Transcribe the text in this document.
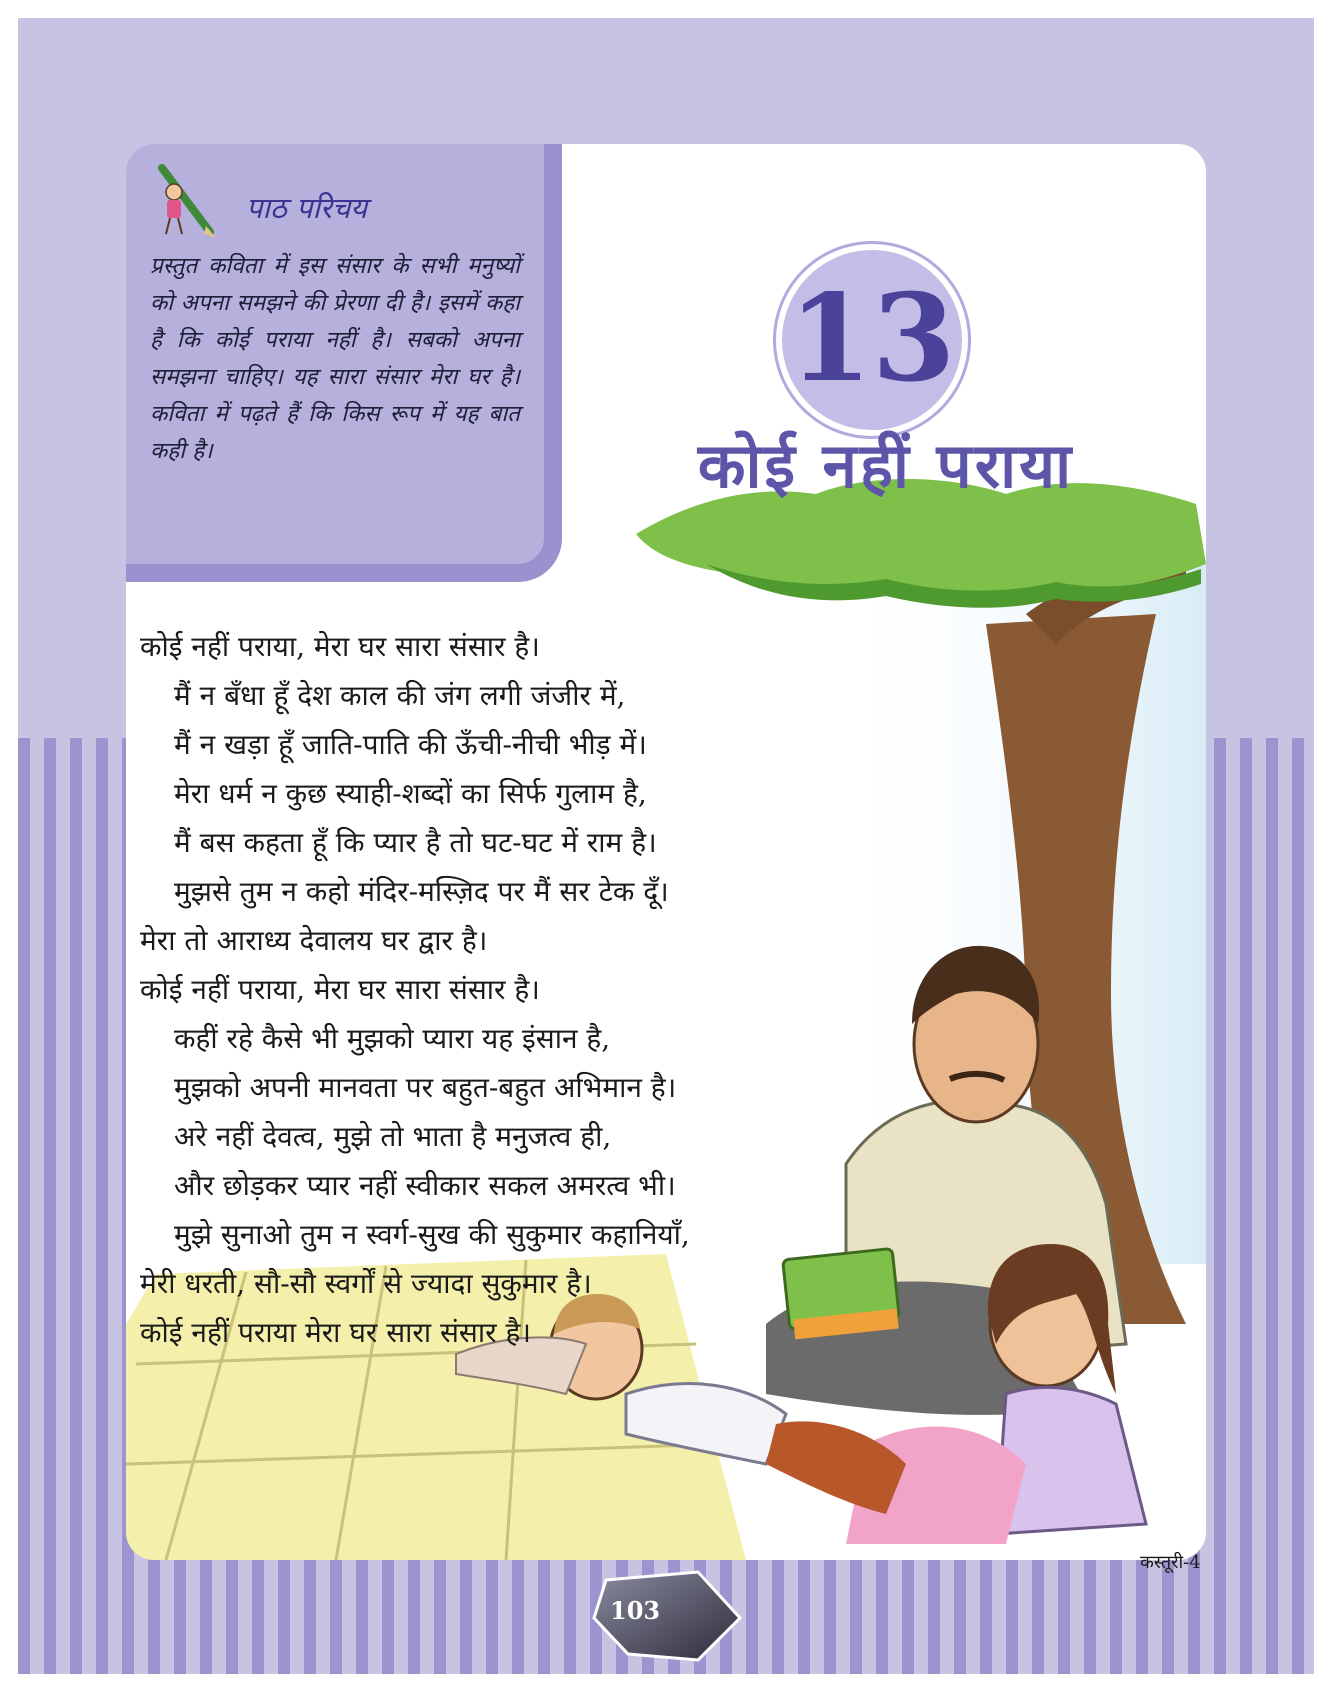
पाठ परिचय
प्रस्तुत कविता में इस संसार के सभी मनुष्यों को अपना समझने की प्रेरणा दी है। इसमें कहा है कि कोई पराया नहीं है। सबको अपना समझना चाहिए। यह सारा संसार मेरा घर है। कविता में पढ़ते हैं कि किस रूप में यह बात कही है।
13
कोई नहीं पराया
कोई नहीं पराया, मेरा घर सारा संसार है।
मैं न बँधा हूँ देश काल की जंग लगी जंजीर में,
मैं न खड़ा हूँ जाति-पाति की ऊँची-नीची भीड़ में।
मेरा धर्म न कुछ स्याही-शब्दों का सिर्फ गुलाम है,
मैं बस कहता हूँ कि प्यार है तो घट-घट में राम है।
मुझसे तुम न कहो मंदिर-मस्ज़िद पर मैं सर टेक दूँ।
मेरा तो आराध्य देवालय घर द्वार है।
कोई नहीं पराया, मेरा घर सारा संसार है।
कहीं रहे कैसे भी मुझको प्यारा यह इंसान है,
मुझको अपनी मानवता पर बहुत-बहुत अभिमान है।
अरे नहीं देवत्व, मुझे तो भाता है मनुजत्व ही,
और छोड़कर प्यार नहीं स्वीकार सकल अमरत्व भी।
मुझे सुनाओ तुम न स्वर्ग-सुख की सुकुमार कहानियाँ,
मेरी धरती, सौ-सौ स्वर्गों से ज्यादा सुकुमार है।
कोई नहीं पराया मेरा घर सारा संसार है।
कस्तूरी-4
103
